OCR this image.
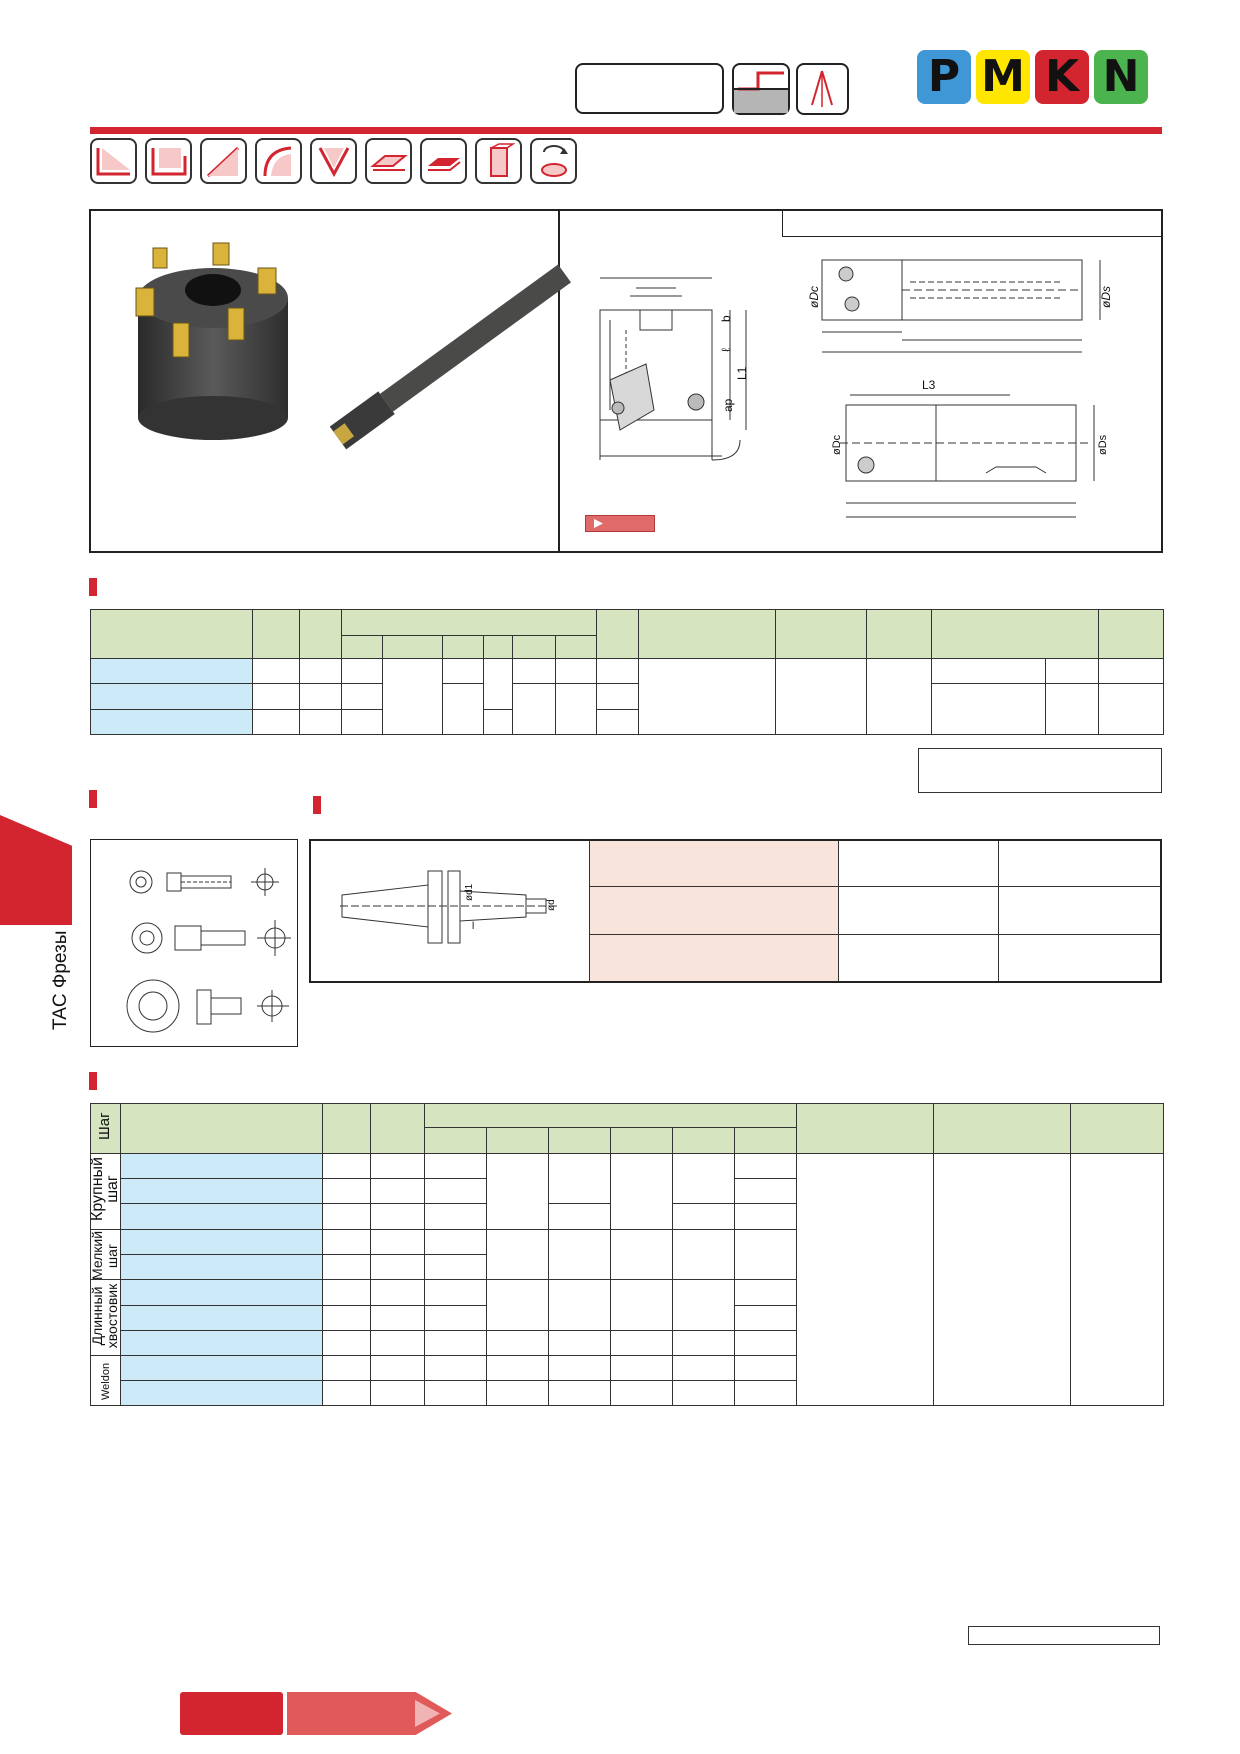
P M K N
b
ℓ
L1
ap
øDc	øDs
L3
øDc	øDs

TAC Фрезы
ød1
ød
l

Шаг
Крупный шаг
Мелкий шаг
Длинный хвостовик
Weldon
